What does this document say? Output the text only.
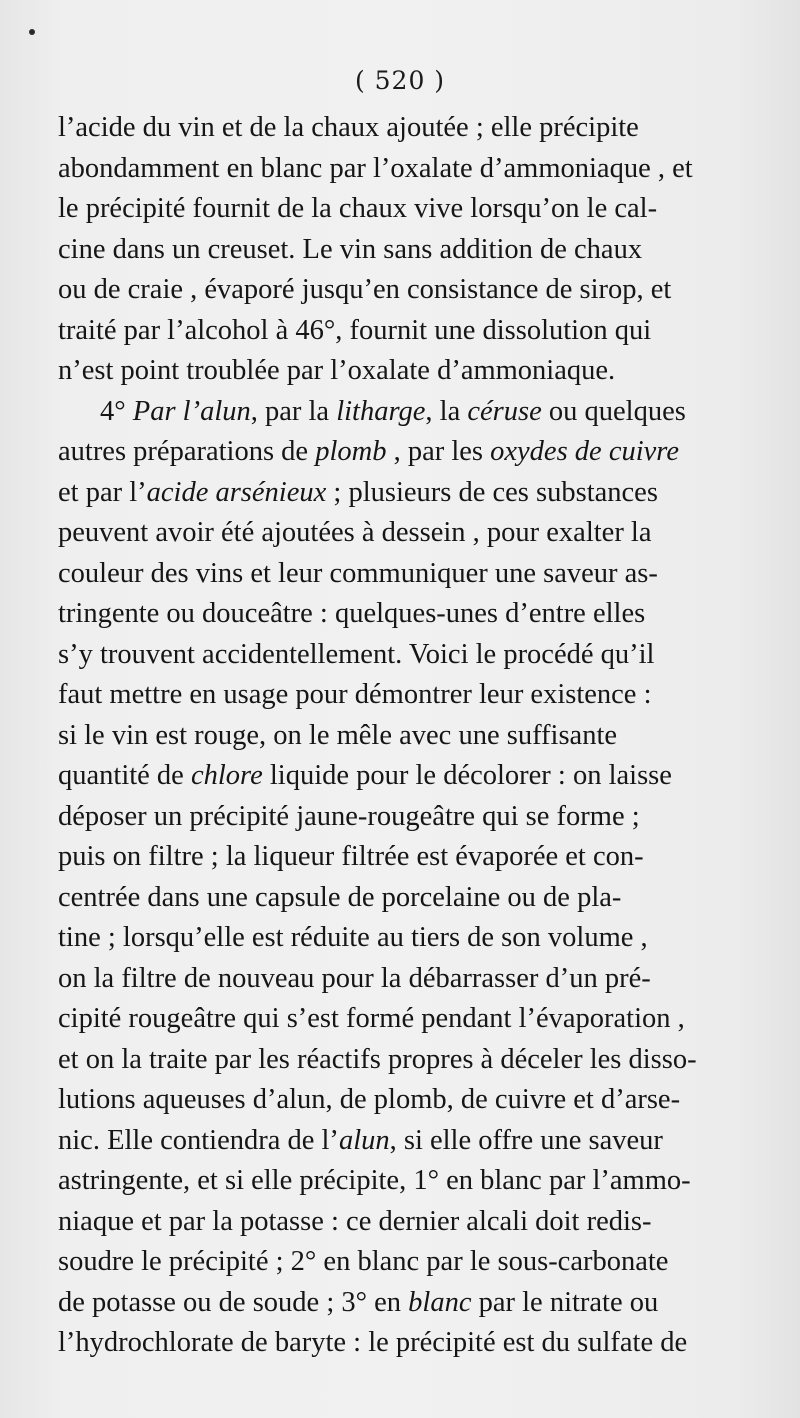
( 520 )
l’acide du vin et de la chaux ajoutée ; elle précipite
abondamment en blanc par l’oxalate d’ammoniaque , et
le précipité fournit de la chaux vive lorsqu’on le cal-
cine dans un creuset. Le vin sans addition de chaux
ou de craie , évaporé jusqu’en consistance de sirop, et
traité par l’alcohol à 46°, fournit une dissolution qui
n’est point troublée par l’oxalate d’ammoniaque.
4° Par l’alun, par la litharge, la céruse ou quelques
autres préparations de plomb , par les oxydes de cuivre
et par l’acide arsénieux ; plusieurs de ces substances
peuvent avoir été ajoutées à dessein , pour exalter la
couleur des vins et leur communiquer une saveur as-
tringente ou douceâtre : quelques-unes d’entre elles
s’y trouvent accidentellement. Voici le procédé qu’il
faut mettre en usage pour démontrer leur existence :
si le vin est rouge, on le mêle avec une suffisante
quantité de chlore liquide pour le décolorer : on laisse
déposer un précipité jaune-rougeâtre qui se forme ;
puis on filtre ; la liqueur filtrée est évaporée et con-
centrée dans une capsule de porcelaine ou de pla-
tine ; lorsqu’elle est réduite au tiers de son volume ,
on la filtre de nouveau pour la débarrasser d’un pré-
cipité rougeâtre qui s’est formé pendant l’évaporation ,
et on la traite par les réactifs propres à déceler les disso-
lutions aqueuses d’alun, de plomb, de cuivre et d’arse-
nic. Elle contiendra de l’alun, si elle offre une saveur
astringente, et si elle précipite, 1° en blanc par l’ammo-
niaque et par la potasse : ce dernier alcali doit redis-
soudre le précipité ; 2° en blanc par le sous-carbonate
de potasse ou de soude ; 3° en blanc par le nitrate ou
l’hydrochlorate de baryte : le précipité est du sulfate de
